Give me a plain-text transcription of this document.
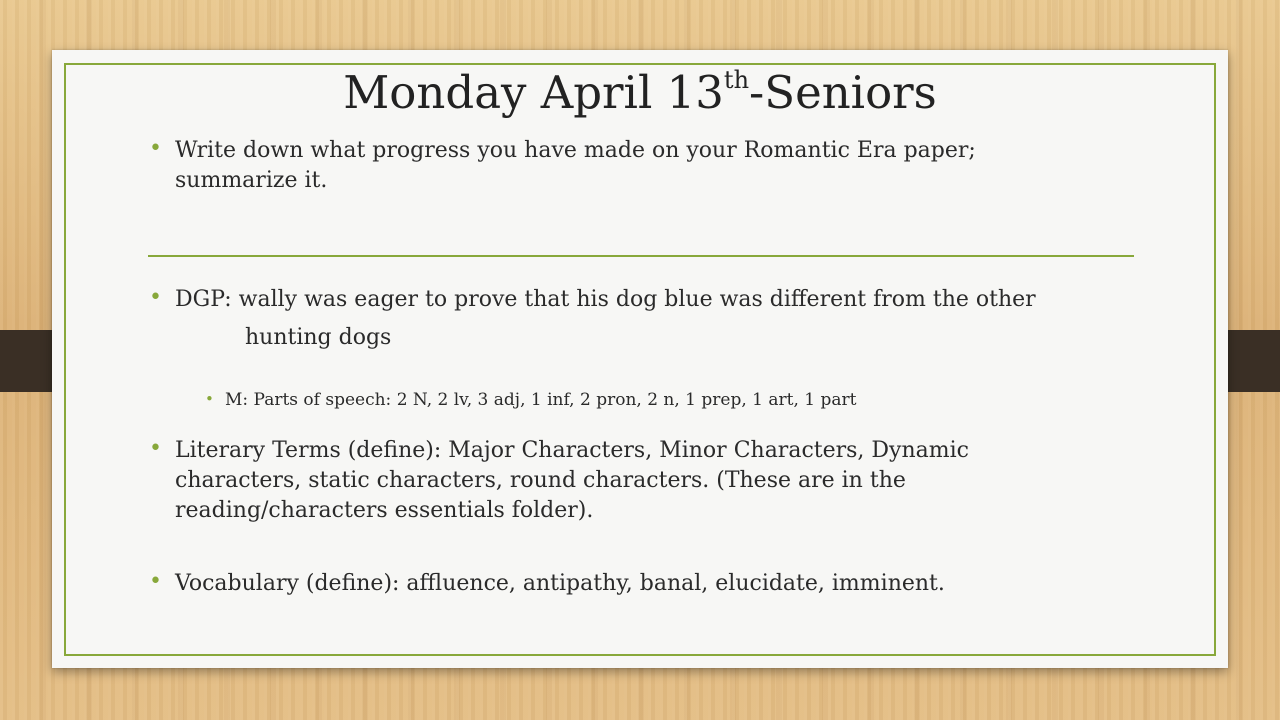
Monday April 13th-Seniors
• Write down what progress you have made on your Romantic Era paper; summarize it.
• DGP: wally was eager to prove that his dog blue was different from the other
hunting dogs
• M: Parts of speech: 2 N, 2 lv, 3 adj, 1 inf, 2 pron, 2 n, 1 prep, 1 art, 1 part
• Literary Terms (define): Major Characters, Minor Characters, Dynamic characters, static characters, round characters. (These are in the reading/characters essentials folder).
• Vocabulary (define): affluence, antipathy, banal, elucidate, imminent.
